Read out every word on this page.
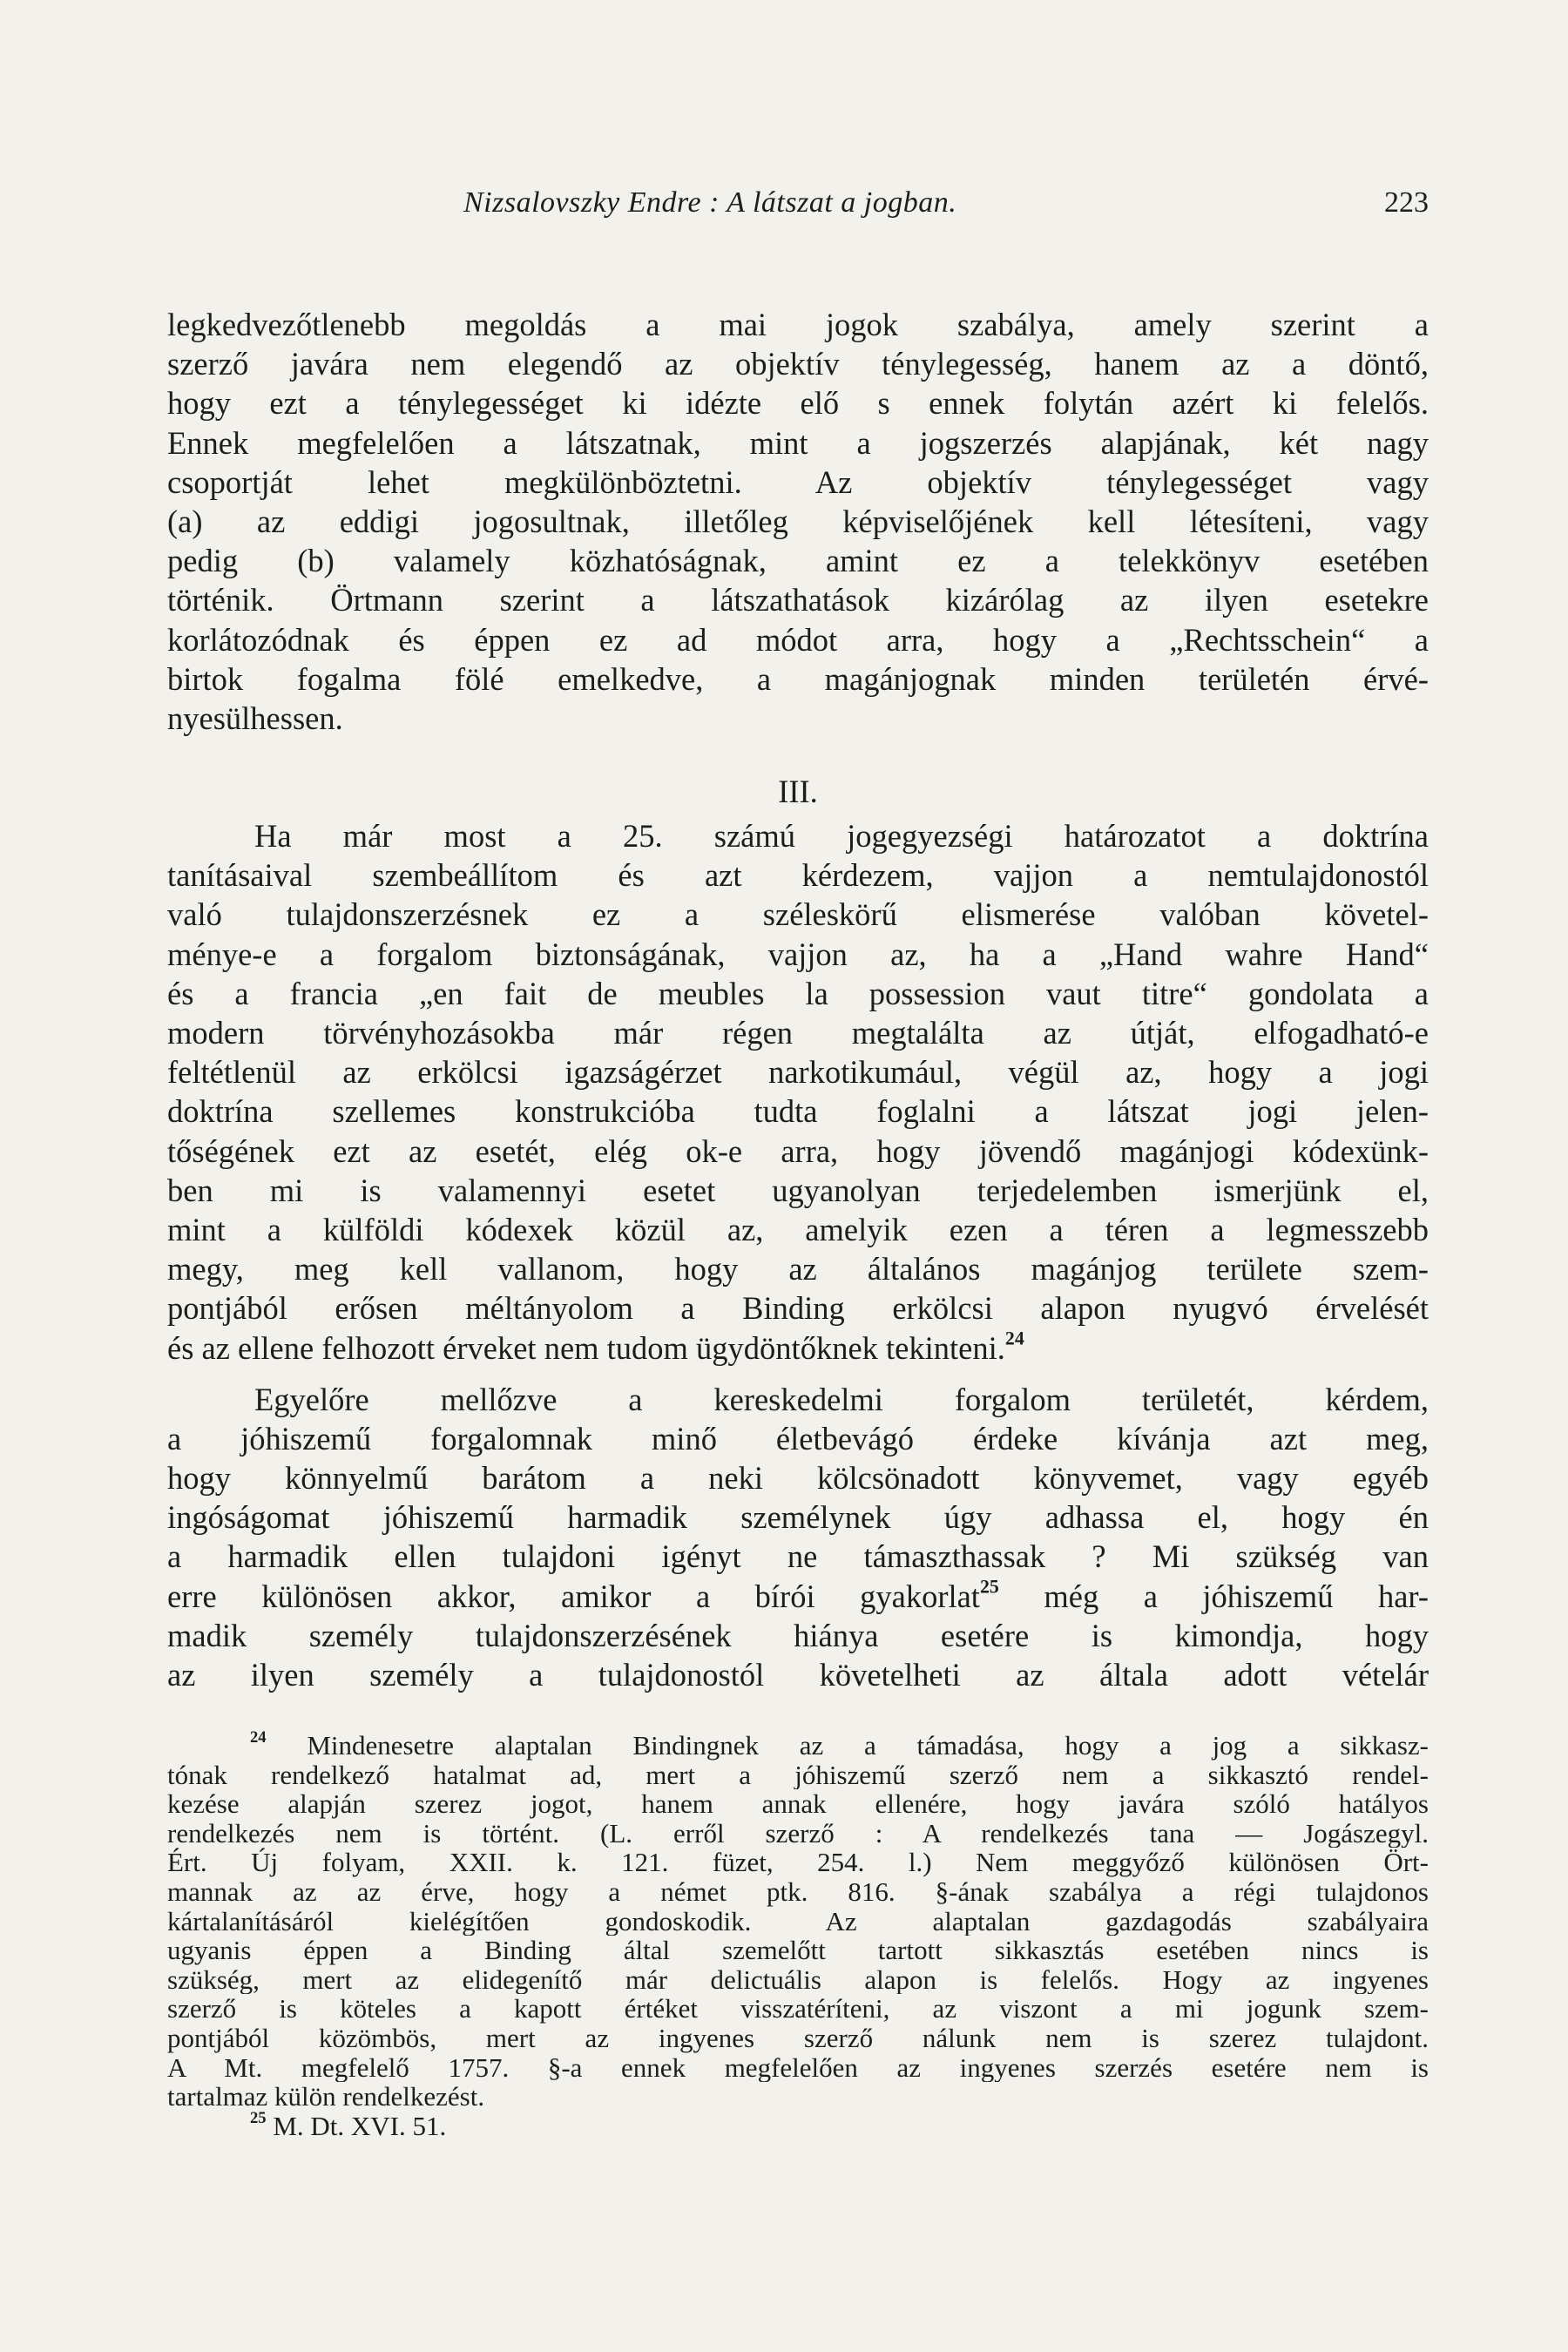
Nizsalovszky Endre : A látszat a jogban.	223
legkedvezőtlenebb megoldás a mai jogok szabálya, amely szerint a
szerző javára nem elegendő az objektív ténylegesség, hanem az a döntő,
hogy ezt a ténylegességet ki idézte elő s ennek folytán azért ki felelős.
Ennek megfelelően a látszatnak, mint a jogszerzés alapjának, két nagy
csoportját lehet megkülönböztetni. Az objektív ténylegességet vagy
(a) az eddigi jogosultnak, illetőleg képviselőjének kell létesíteni, vagy
pedig (b) valamely közhatóságnak, amint ez a telekkönyv esetében
történik. Örtmann szerint a látszathatások kizárólag az ilyen esetekre
korlátozódnak és éppen ez ad módot arra, hogy a „Rechtsschein“ a
birtok fogalma fölé emelkedve, a magánjognak minden területén érvé-
nyesülhessen.
III.
Ha már most a 25. számú jogegyezségi határozatot a doktrína
tanításaival szembeállítom és azt kérdezem, vajjon a nemtulajdonostól
való tulajdonszerzésnek ez a széleskörű elismerése valóban követel-
ménye-e a forgalom biztonságának, vajjon az, ha a „Hand wahre Hand“
és a francia „en fait de meubles la possession vaut titre“ gondolata a
modern törvényhozásokba már régen megtalálta az útját, elfogadható-e
feltétlenül az erkölcsi igazságérzet narkotikumául, végül az, hogy a jogi
doktrína szellemes konstrukcióba tudta foglalni a látszat jogi jelen-
tőségének ezt az esetét, elég ok-e arra, hogy jövendő magánjogi kódexünk-
ben mi is valamennyi esetet ugyanolyan terjedelemben ismerjünk el,
mint a külföldi kódexek közül az, amelyik ezen a téren a legmesszebb
megy, meg kell vallanom, hogy az általános magánjog területe szem-
pontjából erősen méltányolom a Binding erkölcsi alapon nyugvó érvelését
és az ellene felhozott érveket nem tudom ügydöntőknek tekinteni.$^{24}$
Egyelőre mellőzve a kereskedelmi forgalom területét, kérdem,
a jóhiszemű forgalomnak minő életbevágó érdeke kívánja azt meg,
hogy könnyelmű barátom a neki kölcsönadott könyvemet, vagy egyéb
ingóságomat jóhiszemű harmadik személynek úgy adhassa el, hogy én
a harmadik ellen tulajdoni igényt ne támaszthassak ? Mi szükség van
erre különösen akkor, amikor a bírói gyakorlat$^{25}$ még a jóhiszemű har-
madik személy tulajdonszerzésének hiánya esetére is kimondja, hogy
az ilyen személy a tulajdonostól követelheti az általa adott vételár
$^{24}$ Mindenesetre alaptalan Bindingnek az a támadása, hogy a jog a sikkasz-
tónak rendelkező hatalmat ad, mert a jóhiszemű szerző nem a sikkasztó rendel-
kezése alapján szerez jogot, hanem annak ellenére, hogy javára szóló hatályos
rendelkezés nem is történt. (L. erről szerző : A rendelkezés tana — Jogászegyl.
Ért. Új folyam, XXII. k. 121. füzet, 254. l.) Nem meggyőző különösen Ört-
mannak az az érve, hogy a német ptk. 816. §-ának szabálya a régi tulajdonos
kártalanításáról kielégítően gondoskodik. Az alaptalan gazdagodás szabályaira
ugyanis éppen a Binding által szemelőtt tartott sikkasztás esetében nincs is
szükség, mert az elidegenítő már delictuális alapon is felelős. Hogy az ingyenes
szerző is köteles a kapott értéket visszatéríteni, az viszont a mi jogunk szem-
pontjából közömbös, mert az ingyenes szerző nálunk nem is szerez tulajdont.
A Mt. megfelelő 1757. §-a ennek megfelelően az ingyenes szerzés esetére nem is
tartalmaz külön rendelkezést.
$^{25}$ M. Dt. XVI. 51.
